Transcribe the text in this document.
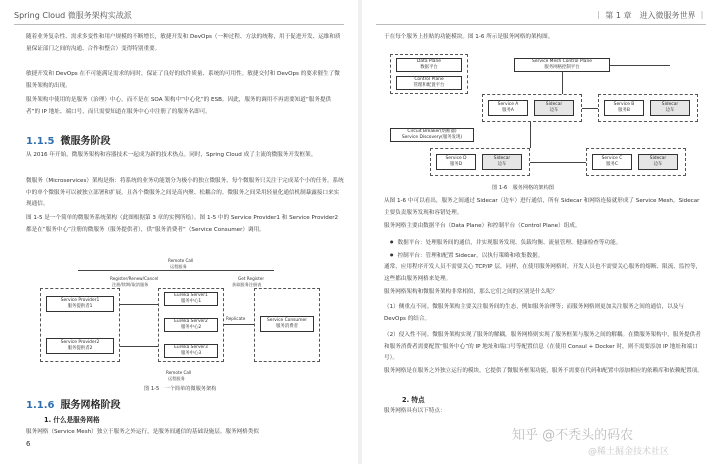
Spring Cloud 微服务架构实战派

随着业务复杂性、需求多变性和用户规模的不断增长，敏捷开发和 DevOps（一种过程、方法的统称，用于促进开发、运维和质量保证部门之间的沟通、合作和整合）变得特别重要。

敏捷开发和 DevOps 在不可能满足需求的同时，保证了良好的软件质量、系统的可用性。敏捷交付和 DevOps 的要求催生了微服务架构的出现。

服务架构中使用的是服务（治理）中心，而不是在 SOA 架构中“中心化”的 ESB。因此，服务的调用不再需要知道“服务提供者”的 IP 地址、端口号，而只需要知道在服务中心中注册了的服务名即可。

1.1.5 微服务阶段

从 2016 年开始，微服务架构和容器技术一起成为新的技术热点。同时，Spring Cloud 成了主流的微服务开发框架。

微服务（Microservices）架构是指：将系统的业务功能划分为极小的独立微服务，每个微服务只关注于完成某个小的任务。系统中的单个微服务可以被独立部署和扩展，且各个微服务之间是高内聚、松耦合的。微服务之间采用轻量化通信机制暴露接口来实现通信。

图 1-5 是一个简单的微服务系统架构（此图根据第 3 章的实例所绘）。图 1-5 中的 Service Provider1 和 Service Provider2 都是在“服务中心”注册的微服务（服务提供者），供“服务消费者”（Service Consumer）调用。

Remote Call
远程服务
Register/Renew/Cancel
注册/续期/取消服务
Get Register
获取服务注册表
Service Provider1
服务提供者1
Service Provider2
服务提供者2
Eureka Server1
服务中心1
Eureka Server2
服务中心2
Eureka Server3
服务中心3
Replicate	Service Consumer
服务消费者
Remote Call
远程服务
图 1-5　一个简单的微服务架构
1.1.6 服务网格阶段
1. 什么是服务网格

服务网格（Service Mesh）独立于服务之外运行，是服务间通信的基础设施层。服务网格类似

6
｜ 第 1 章　进入微服务世界 ｜

于在每个服务上挂贴的功能模块。图 1-6 所示是服务网格的架构图。

Data Plane
数据平台
Control Plane
管理和配置平台
Service Mesh Control Plane
服务网格控制平台
Service A
服务A
Sidecar
边车
Service B
服务B
Sidecar
边车
Circuit Breaker(熔断器)
Service Discovery(服务发现)
Service D
服务D
Sidecar
边车
Service C
服务C
Sidecar
边车
图 1-6　服务网格的架构图

从图 1-6 中可以看出，服务之间通过 Sidecar（边车）进行通信，所有 Sidecar 和网络连接就形成了 Service Mesh。Sidecar 主要负责服务发现和容错处理。

服务网格主要由数据平台（Data Plane）和控制平台（Control Plane）组成。

● 数据平台：处理服务间的通信，并实现服务发现、负载均衡、流量管理、健康检查等功能。
● 控制平台：管理和配置 Sidecar，以执行策略和收集数据。

通常，应用程序开发人员不需要关心 TCP/IP 层。同样，在使用服务网格时，开发人员也不需要关心服务的熔断、限流、监控等，这些都由服务网格来处理。

服务网格架构和微服务架构非常相似，那么它们之间的区别是什么呢？

（1）侧重点不同。微服务架构主要关注服务间的生态，例如服务治理等；而服务网格则更加关注服务之间的通信，以及与 DevOps 的结合。

（2）侵入性不同。微服务架构实现了服务的解耦，服务网格则实现了服务框架与服务之间的解耦。在微服务架构中，服务提供者和服务消费者需要配置“服务中心”的 IP 地址和端口号等配置信息（在使用 Consul + Docker 时，则不需要添加 IP 地址和端口号）。

服务网格是在服务之外独立运行的模块，它提供了微服务框架功能，服务不需要在代码和配置中添加相应的依赖库和依赖配置项。

2. 特点

服务网格具有以下特点：

知乎 @不秃头的码农
@稀土掘金技术社区
